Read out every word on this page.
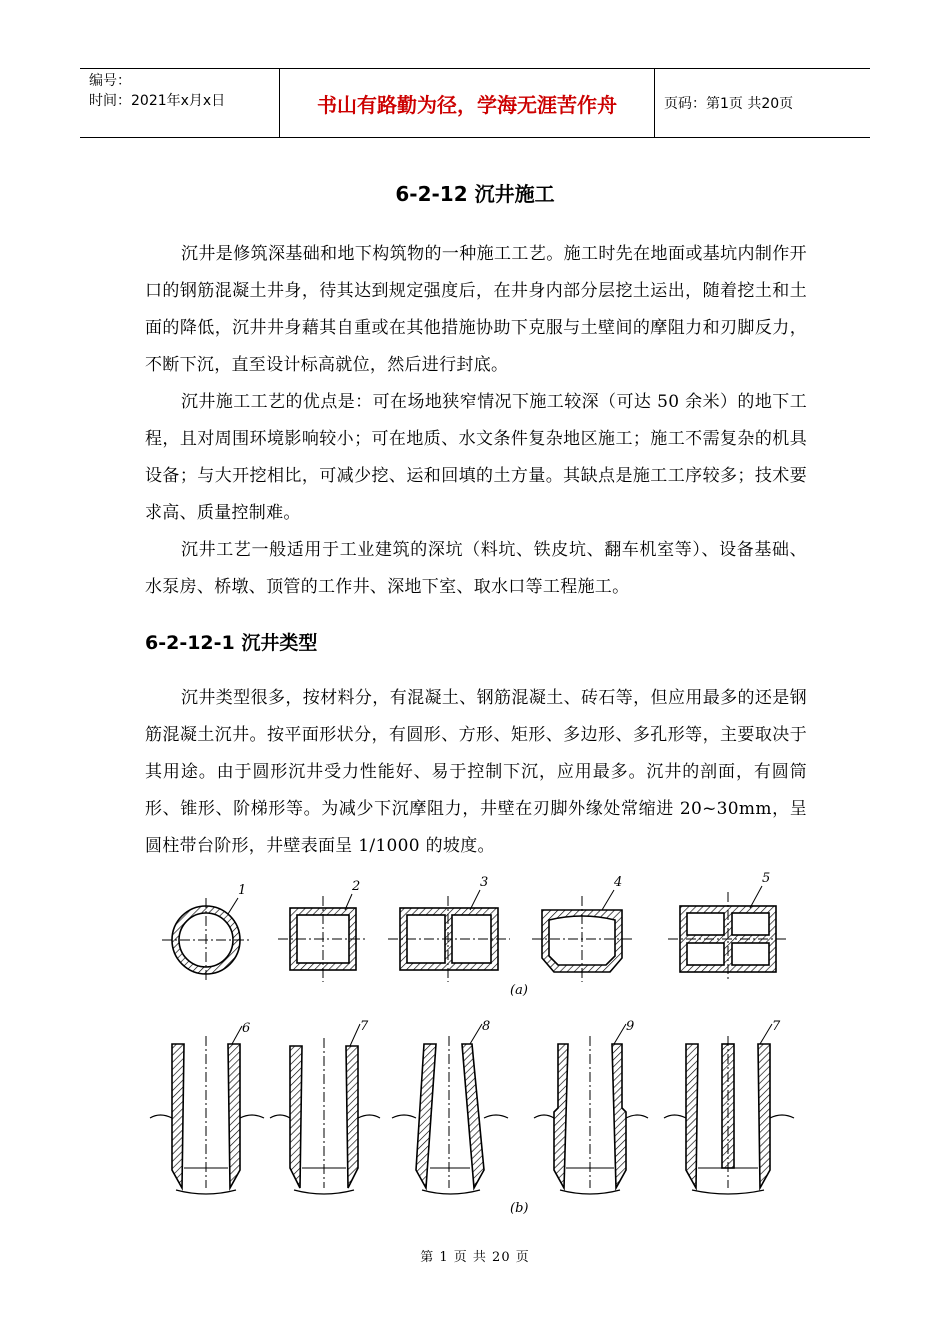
编号：
时间：2021年x月x日	书山有路勤为径，学海无涯苦作舟	页码：第1页 共20页
6-2-12 沉井施工
沉井是修筑深基础和地下构筑物的一种施工工艺。施工时先在地面或基坑内制作开口的钢筋混凝土井身，待其达到规定强度后，在井身内部分层挖土运出，随着挖土和土面的降低，沉井井身藉其自重或在其他措施协助下克服与土壁间的摩阻力和刃脚反力，不断下沉，直至设计标高就位，然后进行封底。
沉井施工工艺的优点是：可在场地狭窄情况下施工较深（可达 50 余米）的地下工程，且对周围环境影响较小；可在地质、水文条件复杂地区施工；施工不需复杂的机具设备；与大开挖相比，可减少挖、运和回填的土方量。其缺点是施工工序较多；技术要求高、质量控制难。
沉井工艺一般适用于工业建筑的深坑（料坑、铁皮坑、翻车机室等）、设备基础、水泵房、桥墩、顶管的工作井、深地下室、取水口等工程施工。
6-2-12-1 沉井类型
沉井类型很多，按材料分，有混凝土、钢筋混凝土、砖石等，但应用最多的还是钢筋混凝土沉井。按平面形状分，有圆形、方形、矩形、多边形、多孔形等，主要取决于其用途。由于圆形沉井受力性能好、易于控制下沉，应用最多。沉井的剖面，有圆筒形、锥形、阶梯形等。为减少下沉摩阻力，井壁在刃脚外缘处常缩进 20~30mm，呈圆柱带台阶形，井壁表面呈 1/1000 的坡度。
1	2	3	4	5
(a)
6	7	8	9	7
(b)
第 1 页 共 20 页
